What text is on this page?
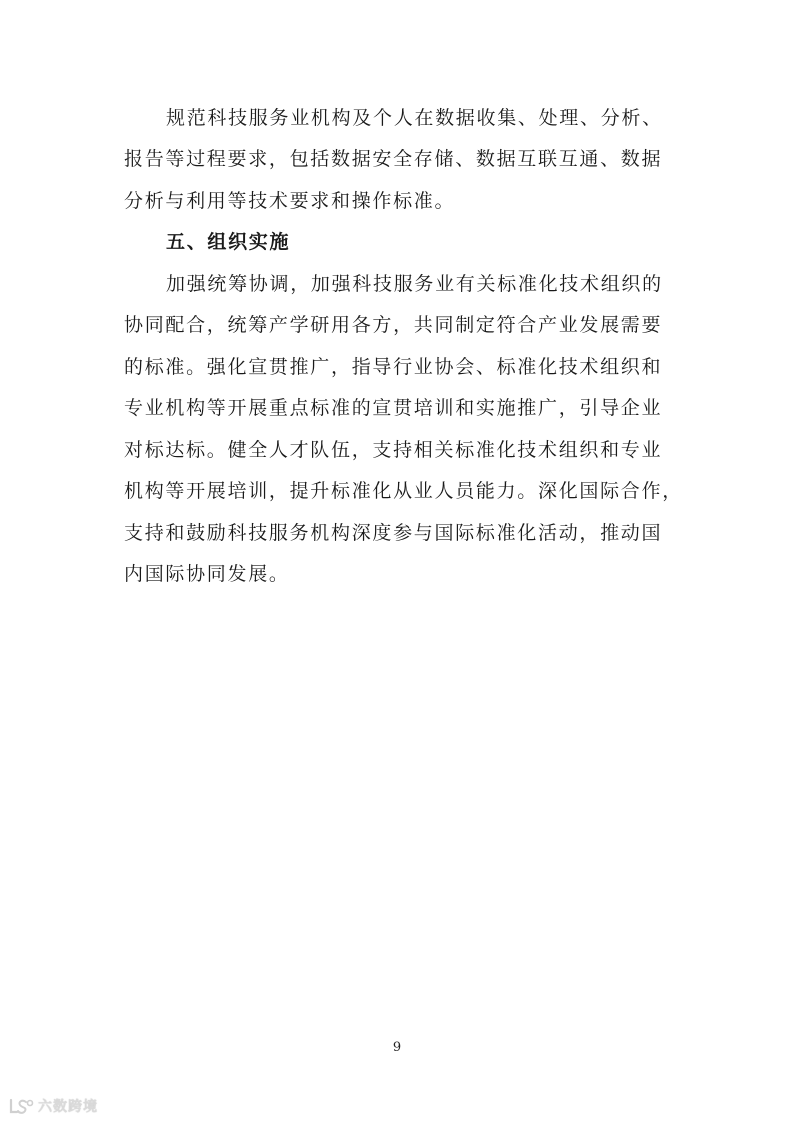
规范科技服务业机构及个人在数据收集、处理、分析、
报告等过程要求，包括数据安全存储、数据互联互通、数据
分析与利用等技术要求和操作标准。
五、组织实施
加强统筹协调，加强科技服务业有关标准化技术组织的
协同配合，统筹产学研用各方，共同制定符合产业发展需要
的标准。强化宣贯推广，指导行业协会、标准化技术组织和
专业机构等开展重点标准的宣贯培训和实施推广，引导企业
对标达标。健全人才队伍，支持相关标准化技术组织和专业
机构等开展培训，提升标准化从业人员能力。深化国际合作，
支持和鼓励科技服务机构深度参与国际标准化活动，推动国
内国际协同发展。
9
六数跨境
